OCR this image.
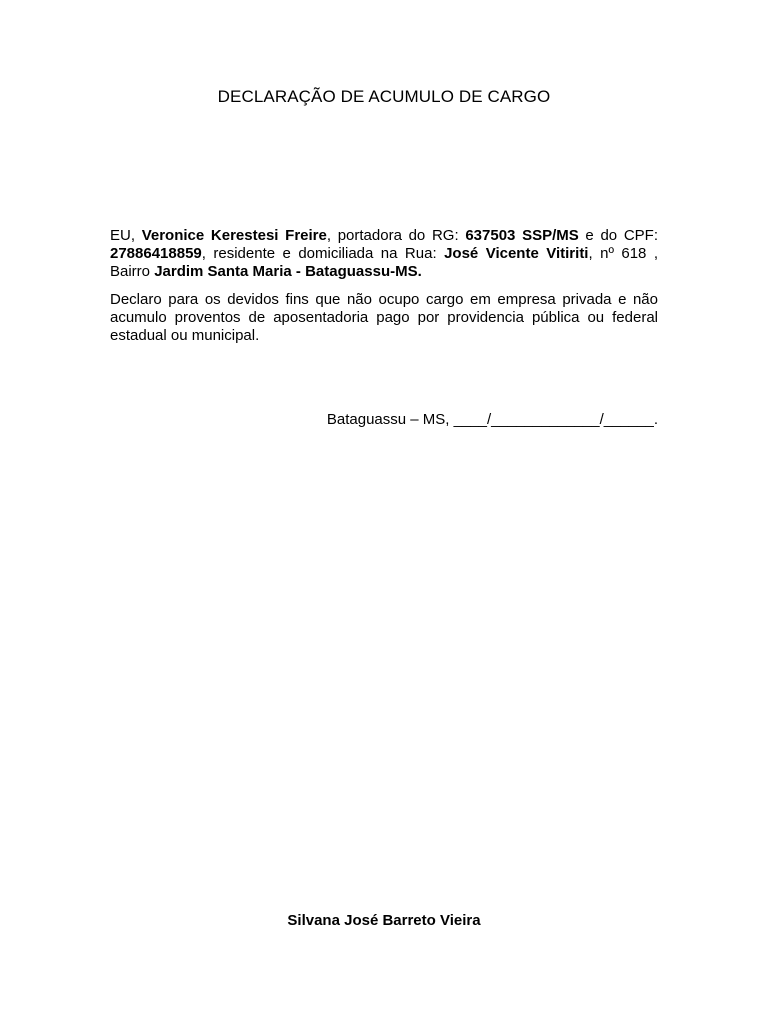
DECLARAÇÃO DE ACUMULO DE CARGO

EU, Veronice Kerestesi Freire, portadora do RG: 637503 SSP/MS e do CPF: 27886418859, residente e domiciliada na Rua: José Vicente Vitiriti, nº 618 , Bairro Jardim Santa Maria - Bataguassu-MS.

Declaro para os devidos fins que não ocupo cargo em empresa privada e não acumulo proventos de aposentadoria pago por providencia pública ou federal estadual ou municipal.

Bataguassu – MS, ____/_____________/______.
Silvana José Barreto Vieira
